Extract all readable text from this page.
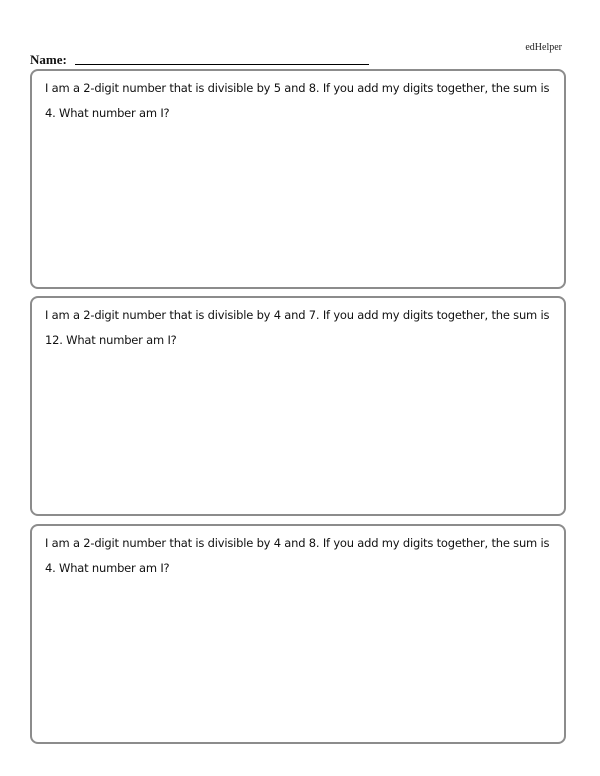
edHelper
Name:

I am a 2-digit number that is divisible by 5 and 8. If you add my digits together, the sum is 4. What number am I?

I am a 2-digit number that is divisible by 4 and 7. If you add my digits together, the sum is 12. What number am I?

I am a 2-digit number that is divisible by 4 and 8. If you add my digits together, the sum is 4. What number am I?
